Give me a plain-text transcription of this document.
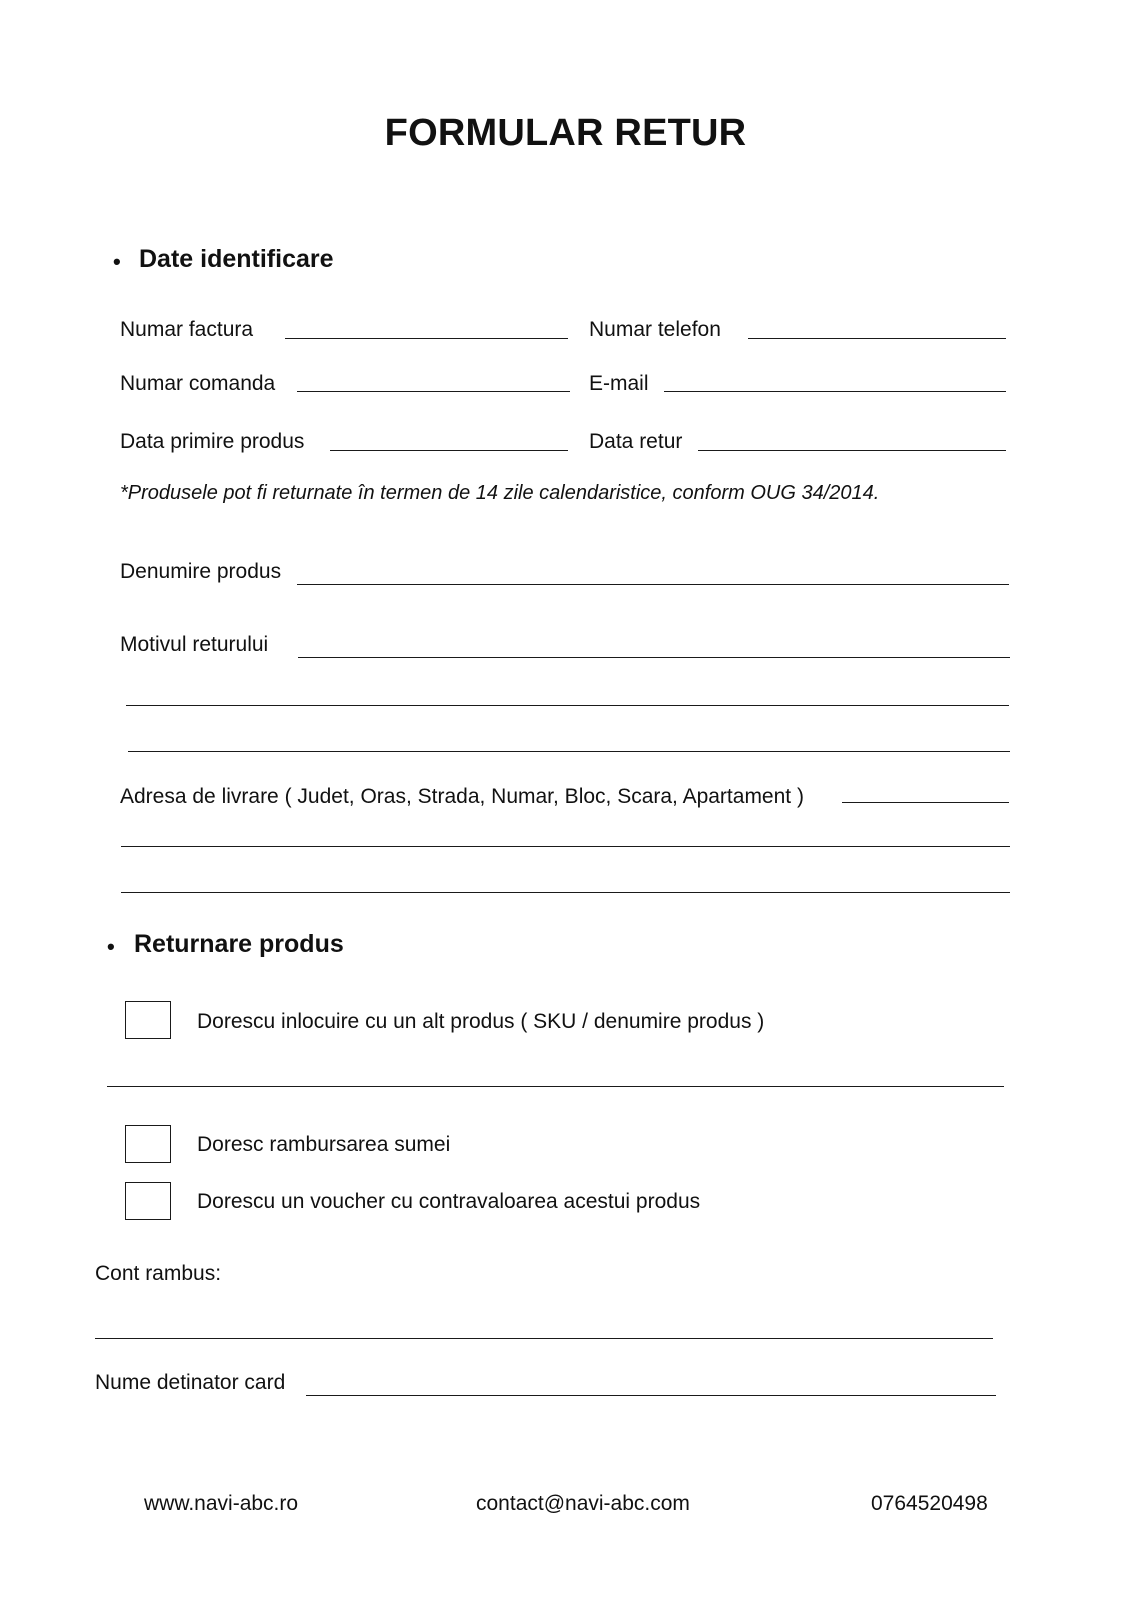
FORMULAR RETUR
• Date identificare
Numar factura	Numar telefon
Numar comanda	E-mail
Data primire produs	Data retur
*Produsele pot fi returnate în termen de 14 zile calendaristice, conform OUG 34/2014.
Denumire produs
Motivul returului
Adresa de livrare ( Judet, Oras, Strada, Numar, Bloc, Scara, Apartament )
• Returnare produs
Dorescu inlocuire cu un alt produs ( SKU / denumire produs )
Doresc rambursarea sumei
Dorescu un voucher cu contravaloarea acestui produs
Cont rambus:
Nume detinator card
www.navi-abc.ro	contact@navi-abc.com	0764520498
